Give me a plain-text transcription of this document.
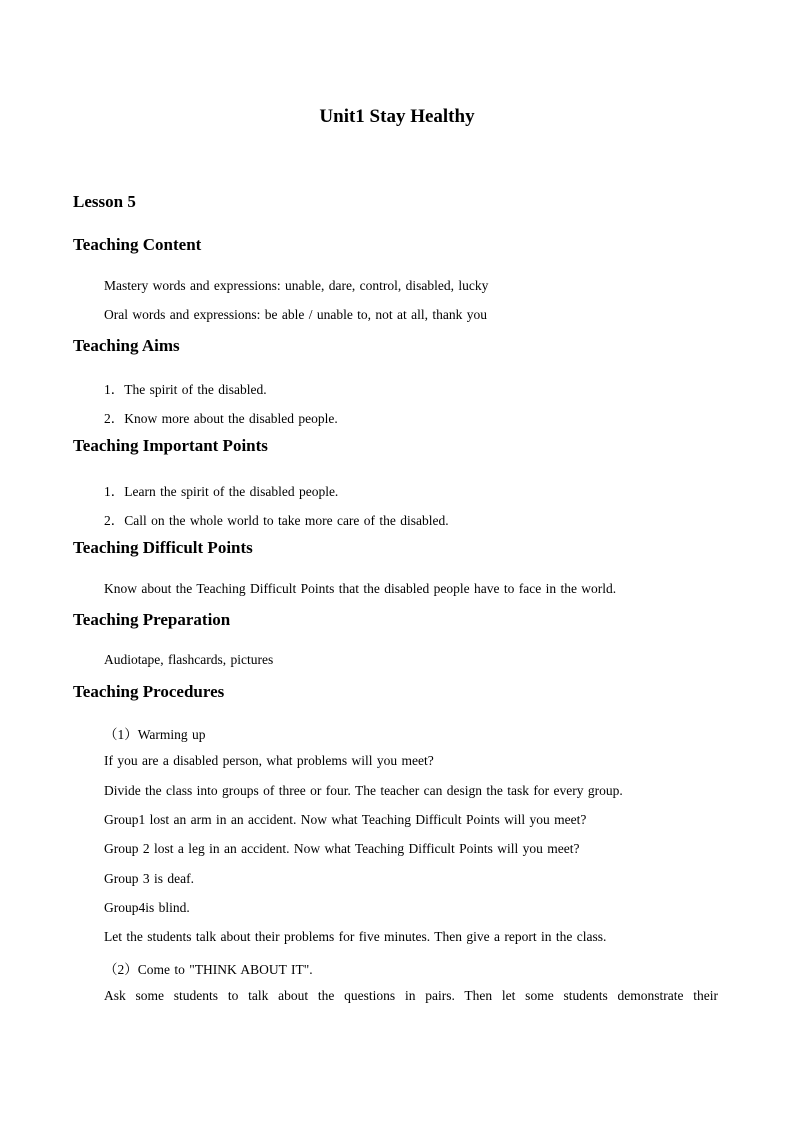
Unit1 Stay Healthy
Lesson 5
Teaching Content
Mastery words and expressions: unable, dare, control, disabled, lucky
Oral words and expressions: be able / unable to, not at all, thank you
Teaching Aims
1．The spirit of the disabled.
2．Know more about the disabled people.
Teaching Important Points
1．Learn the spirit of the disabled people.
2．Call on the whole world to take more care of the disabled.
Teaching Difficult Points
Know about the Teaching Difficult Points that the disabled people have to face in the world.
Teaching Preparation
Audiotape, flashcards, pictures
Teaching Procedures
（1）Warming up
If you are a disabled person, what problems will you meet?
Divide the class into groups of three or four. The teacher can design the task for every group.
Group1 lost an arm in an accident. Now what Teaching Difficult Points will you meet?
Group 2 lost a leg in an accident. Now what Teaching Difficult Points will you meet?
Group 3 is deaf.
Group4is blind.
Let the students talk about their problems for five minutes. Then give a report in the class.
（2）Come to "THINK ABOUT IT".
Ask some students to talk about the questions in pairs. Then let some students demonstrate their
